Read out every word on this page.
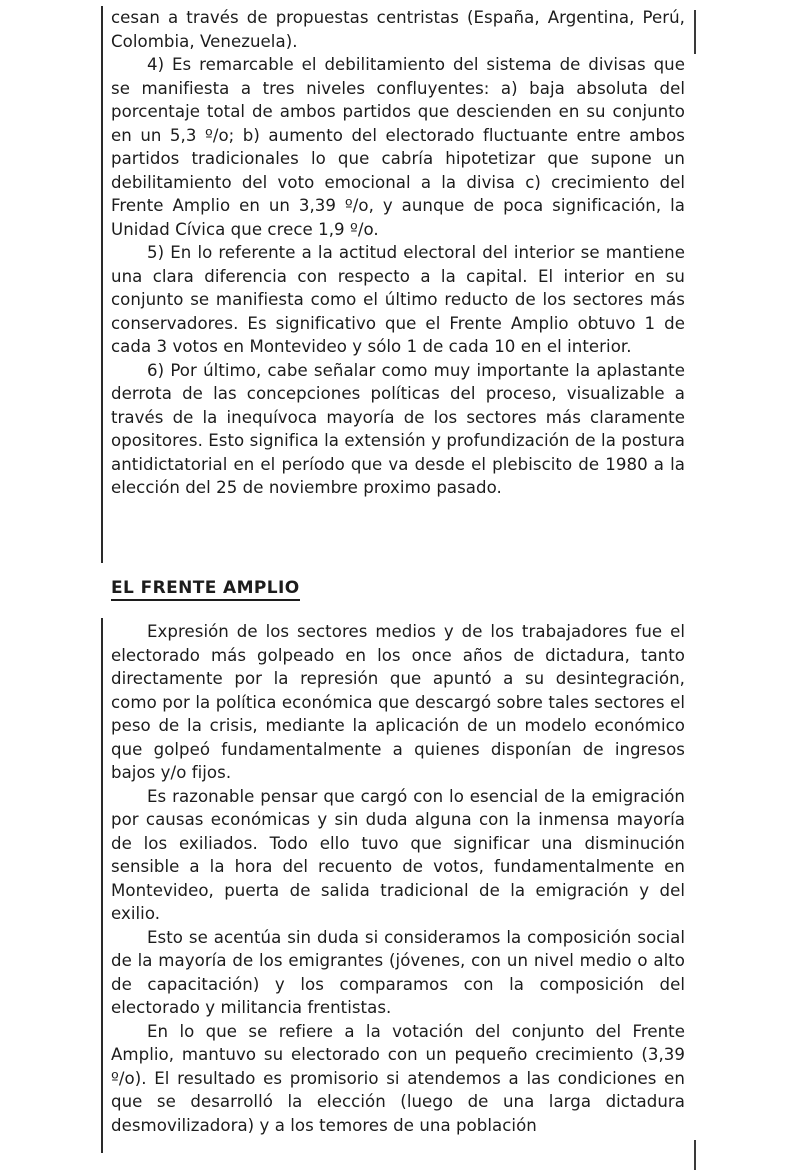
cesan a través de propuestas centristas (España, Argentina, Perú, Colombia, Venezuela).

4) Es remarcable el debilitamiento del sistema de divisas que se manifiesta a tres niveles confluyentes: a) baja absoluta del porcentaje total de ambos partidos que descienden en su conjunto en un 5,3 º/o; b) aumento del electorado fluctuante entre ambos partidos tradicionales lo que cabría hipotetizar que supone un debilitamiento del voto emocional a la divisa c) crecimiento del Frente Amplio en un 3,39 º/o, y aunque de poca significación, la Unidad Cívica que crece 1,9 º/o.

5) En lo referente a la actitud electoral del interior se mantiene una clara diferencia con respecto a la capital. El interior en su conjunto se manifiesta como el último reducto de los sectores más conservadores. Es significativo que el Frente Amplio obtuvo 1 de cada 3 votos en Montevideo y sólo 1 de cada 10 en el interior.

6) Por último, cabe señalar como muy importante la aplastante derrota de las concepciones políticas del proceso, visualizable a través de la inequívoca mayoría de los sectores más claramente opositores. Esto significa la extensión y profundización de la postura antidictatorial en el período que va desde el plebiscito de 1980 a la elección del 25 de noviembre proximo pasado.

EL FRENTE AMPLIO

Expresión de los sectores medios y de los trabajadores fue el electorado más golpeado en los once años de dictadura, tanto directamente por la represión que apuntó a su desintegración, como por la política económica que descargó sobre tales sectores el peso de la crisis, mediante la aplicación de un modelo económico que golpeó fundamentalmente a quienes disponían de ingresos bajos y/o fijos.

Es razonable pensar que cargó con lo esencial de la emigración por causas económicas y sin duda alguna con la inmensa mayoría de los exiliados. Todo ello tuvo que significar una disminución sensible a la hora del recuento de votos, fundamentalmente en Montevideo, puerta de salida tradicional de la emigración y del exilio.

Esto se acentúa sin duda si consideramos la composición social de la mayoría de los emigrantes (jóvenes, con un nivel medio o alto de capacitación) y los comparamos con la composición del electorado y militancia frentistas.

En lo que se refiere a la votación del conjunto del Frente Amplio, mantuvo su electorado con un pequeño crecimiento (3,39 º/o). El resultado es promisorio si atendemos a las condiciones en que se desarrolló la elección (luego de una larga dictadura desmovilizadora) y a los temores de una población
